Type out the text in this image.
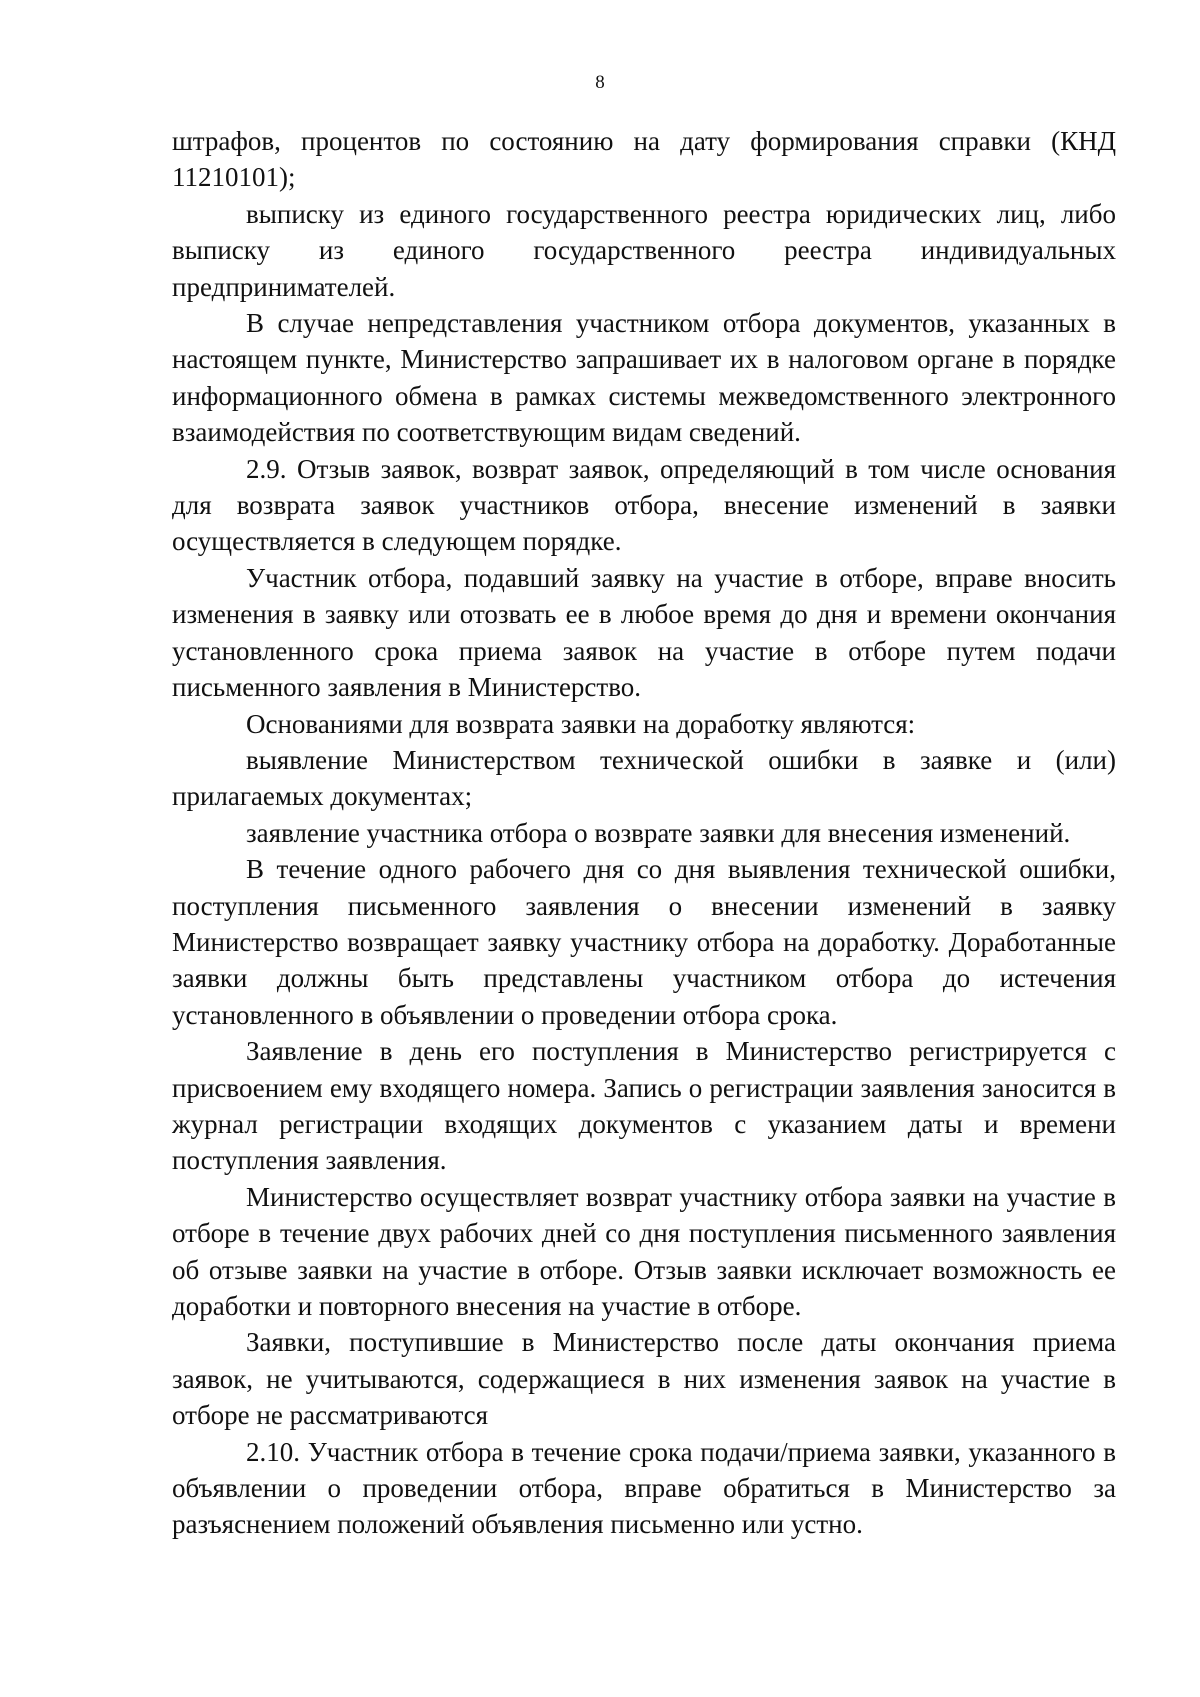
8

штрафов, процентов по состоянию на дату формирования справки (КНД 11210101);

выписку из единого государственного реестра юридических лиц, либо выписку из единого государственного реестра индивидуальных предпринимателей.

В случае непредставления участником отбора документов, указанных в настоящем пункте, Министерство запрашивает их в налоговом органе в порядке информационного обмена в рамках системы межведомственного электронного взаимодействия по соответствующим видам сведений.

2.9. Отзыв заявок, возврат заявок, определяющий в том числе основания для возврата заявок участников отбора, внесение изменений в заявки осуществляется в следующем порядке.

Участник отбора, подавший заявку на участие в отборе, вправе вносить изменения в заявку или отозвать ее в любое время до дня и времени окончания установленного срока приема заявок на участие в отборе путем подачи письменного заявления в Министерство.

Основаниями для возврата заявки на доработку являются:

выявление Министерством технической ошибки в заявке и (или) прилагаемых документах;

заявление участника отбора о возврате заявки для внесения изменений.

В течение одного рабочего дня со дня выявления технической ошибки, поступления письменного заявления о внесении изменений в заявку Министерство возвращает заявку участнику отбора на доработку. Доработанные заявки должны быть представлены участником отбора до истечения установленного в объявлении о проведении отбора срока.

Заявление в день его поступления в Министерство регистрируется с присвоением ему входящего номера. Запись о регистрации заявления заносится в журнал регистрации входящих документов с указанием даты и времени поступления заявления.

Министерство осуществляет возврат участнику отбора заявки на участие в отборе в течение двух рабочих дней со дня поступления письменного заявления об отзыве заявки на участие в отборе. Отзыв заявки исключает возможность ее доработки и повторного внесения на участие в отборе.

Заявки, поступившие в Министерство после даты окончания приема заявок, не учитываются, содержащиеся в них изменения заявок на участие в отборе не рассматриваются

2.10. Участник отбора в течение срока подачи/приема заявки, указанного в объявлении о проведении отбора, вправе обратиться в Министерство за разъяснением положений объявления письменно или устно.
